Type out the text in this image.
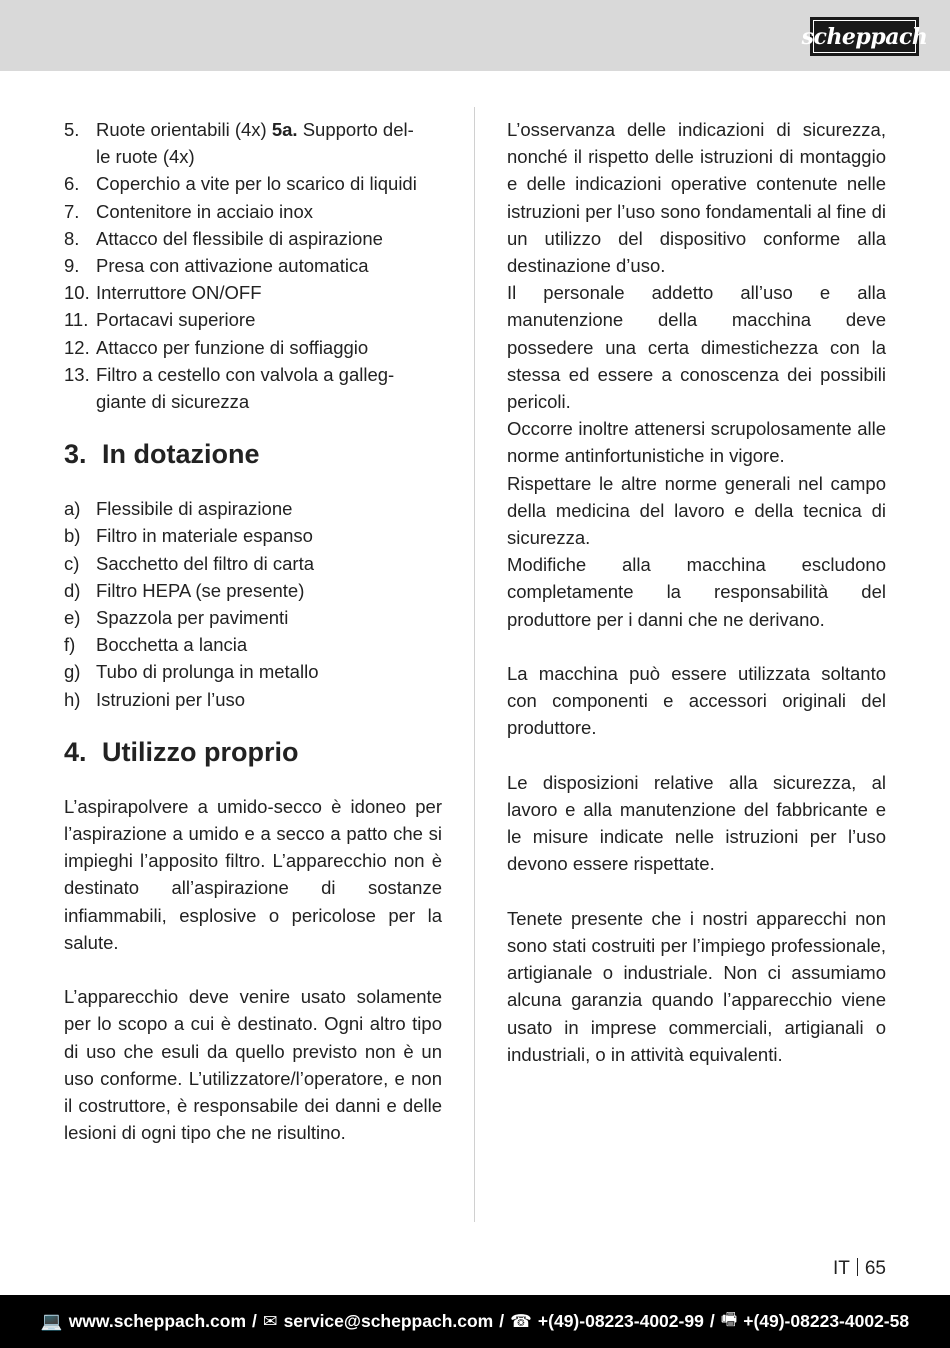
scheppach
5. Ruote orientabili (4x) 5a. Supporto del-
le ruote (4x)
6. Coperchio a vite per lo scarico di liquidi
7. Contenitore in acciaio inox
8. Attacco del flessibile di aspirazione
9. Presa con attivazione automatica
10. Interruttore ON/OFF
11. Portacavi superiore
12. Attacco per funzione di soffiaggio
13. Filtro a cestello con valvola a galleg-
giante di sicurezza
3. In dotazione
a) Flessibile di aspirazione
b) Filtro in materiale espanso
c) Sacchetto del filtro di carta
d) Filtro HEPA (se presente)
e) Spazzola per pavimenti
f)	Bocchetta a lancia
g) Tubo di prolunga in metallo
h) Istruzioni per l’uso
4. Utilizzo proprio

L’aspirapolvere a umido-secco è idoneo per l’aspirazione a umido e a secco a patto che si impieghi l’apposito filtro. L’apparecchio non è destinato all’aspirazione di sostanze infiammabili, esplosive o pericolose per la salute.

L’apparecchio deve venire usato solamente per lo scopo a cui è destinato. Ogni altro tipo di uso che esuli da quello previsto non è un uso conforme. L’utilizzatore/l’operatore, e non il costruttore, è responsabile dei danni e delle lesioni di ogni tipo che ne risultino.

L’osservanza delle indicazioni di sicurezza, nonché il rispetto delle istruzioni di montaggio e delle indicazioni operative contenute nelle istruzioni per l’uso sono fondamentali al fine di un utilizzo del dispositivo conforme alla destinazione d’uso.

Il personale addetto all’uso e alla manutenzione della macchina deve possedere una certa dimestichezza con la stessa ed essere a conoscenza dei possibili pericoli.

Occorre inoltre attenersi scrupolosamente alle norme antinfortunistiche in vigore.

Rispettare le altre norme generali nel campo della medicina del lavoro e della tecnica di sicurezza.

Modifiche alla macchina escludono completamente la responsabilità del produttore per i danni che ne derivano.

La macchina può essere utilizzata soltanto con componenti e accessori originali del produttore.

Le disposizioni relative alla sicurezza, al lavoro e alla manutenzione del fabbricante e le misure indicate nelle istruzioni per l’uso devono essere rispettate.

Tenete presente che i nostri apparecchi non sono stati costruiti per l’impiego professionale, artigianale o industriale. Non ci assumiamo alcuna garanzia quando l’apparecchio viene usato in imprese commerciali, artigianali o industriali, o in attività equivalenti.

IT 65
💻 www.scheppach.com / ✉ service@scheppach.com / ☎ +(49)-08223-4002-99 / 🖷 +(49)-08223-4002-58
